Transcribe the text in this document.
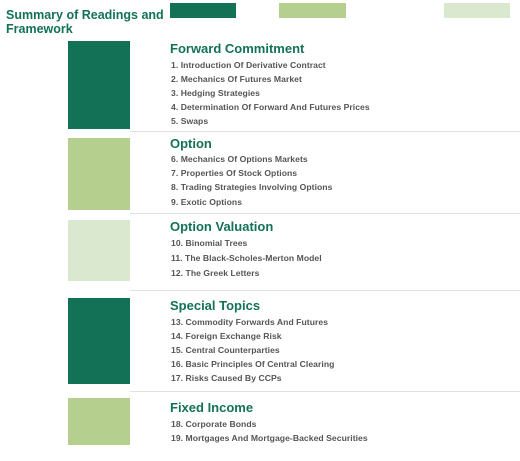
Summary of Readings and Framework
Forward Commitment
1. Introduction Of Derivative Contract
2. Mechanics Of Futures Market
3. Hedging Strategies
4. Determination Of Forward And Futures Prices
5. Swaps
Option
6. Mechanics Of Options Markets
7. Properties Of Stock Options
8. Trading Strategies Involving Options
9. Exotic Options
Option Valuation
10. Binomial Trees
11. The Black-Scholes-Merton Model
12. The Greek Letters
Special Topics
13. Commodity Forwards And Futures
14. Foreign Exchange Risk
15. Central Counterparties
16. Basic Principles Of Central Clearing
17. Risks Caused By CCPs
Fixed Income
18. Corporate Bonds
19. Mortgages And Mortgage-Backed Securities
